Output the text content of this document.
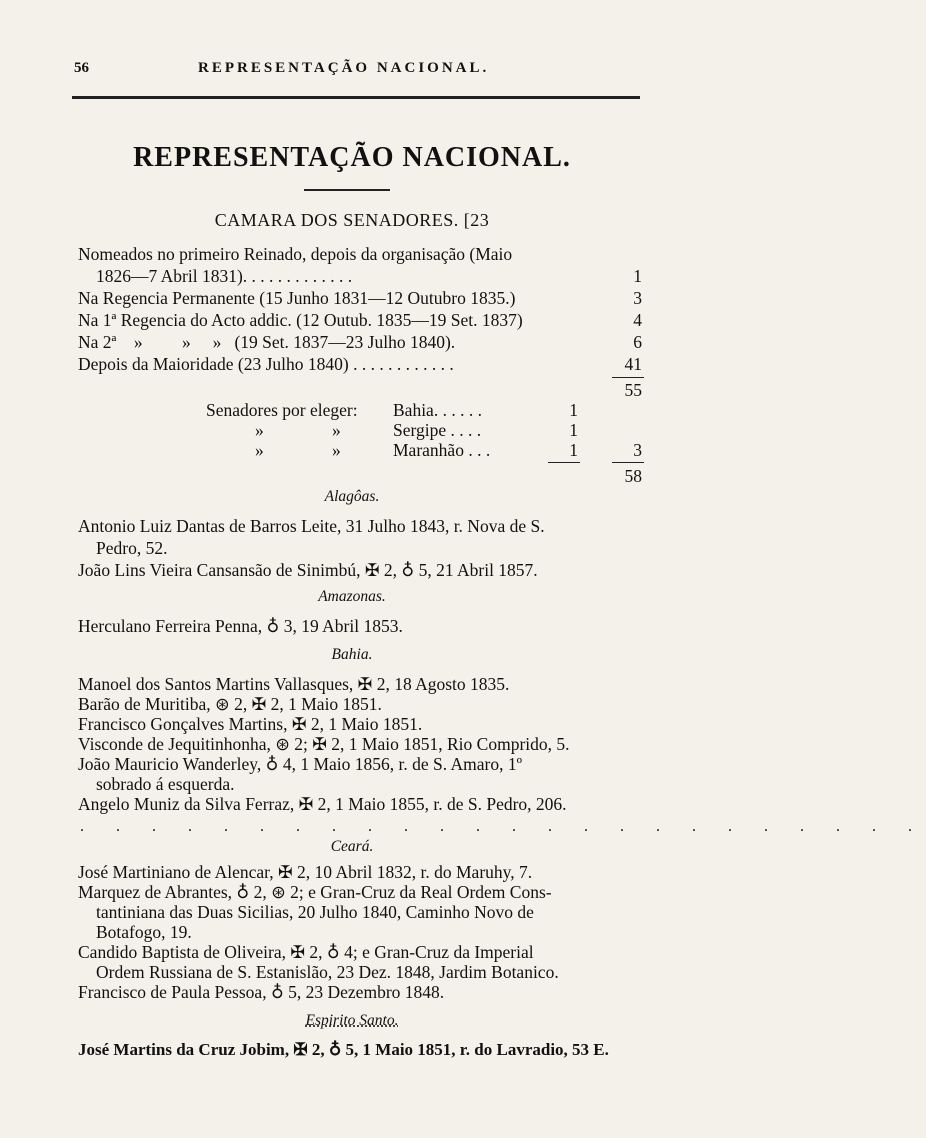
56	REPRESENTAÇÃO NACIONAL.
REPRESENTAÇÃO NACIONAL.
CAMARA DOS SENADORES. [23
Nomeados no primeiro Reinado, depois da organisação (Maio
1826—7 Abril 1831). . . . . . . . . . . . .	1
Na Regencia Permanente (15 Junho 1831—12 Outubro 1835.)	3
Na 1ª Regencia do Acto addic. (12 Outub. 1835—19 Set. 1837)	4
Na 2ª    »         »     »   (19 Set. 1837—23 Julho 1840).	6
Depois da Maioridade (23 Julho 1840) . . . . . . . . . . . .	41
55
Senadores por eleger: Bahia. . . . . .	1
»	»	Sergipe . . . .	1
»	»	Maranhão . . .	1	3
58
Alagôas.
Antonio Luiz Dantas de Barros Leite, 31 Julho 1843, r. Nova de S.
Pedro, 52.
João Lins Vieira Cansansão de Sinimbú, ✠ 2, ♁ 5, 21 Abril 1857.
Amazonas.
Herculano Ferreira Penna, ♁ 3, 19 Abril 1853.
Bahia.
Manoel dos Santos Martins Vallasques, ✠ 2, 18 Agosto 1835.
Barão de Muritiba, ⊛ 2, ✠ 2, 1 Maio 1851.
Francisco Gonçalves Martins, ✠ 2, 1 Maio 1851.
Visconde de Jequitinhonha, ⊛ 2; ✠ 2, 1 Maio 1851, Rio Comprido, 5.
João Mauricio Wanderley, ♁ 4, 1 Maio 1856, r. de S. Amaro, 1º
sobrado á esquerda.
Angelo Muniz da Silva Ferraz, ✠ 2, 1 Maio 1855, r. de S. Pedro, 206.
. . . . . . . . . . . . . . . . . . . . . . . .
Ceará.
José Martiniano de Alencar, ✠ 2, 10 Abril 1832, r. do Maruhy, 7.
Marquez de Abrantes, ♁ 2, ⊛ 2; e Gran-Cruz da Real Ordem Cons-
tantiniana das Duas Sicilias, 20 Julho 1840, Caminho Novo de
Botafogo, 19.
Candido Baptista de Oliveira, ✠ 2, ♁ 4; e Gran-Cruz da Imperial
Ordem Russiana de S. Estanislão, 23 Dez. 1848, Jardim Botanico.
Francisco de Paula Pessoa, ♁ 5, 23 Dezembro 1848.
Espirito Santo.
José Martins da Cruz Jobim, ✠ 2, ♁ 5, 1 Maio 1851, r. do Lavradio, 53 E.
